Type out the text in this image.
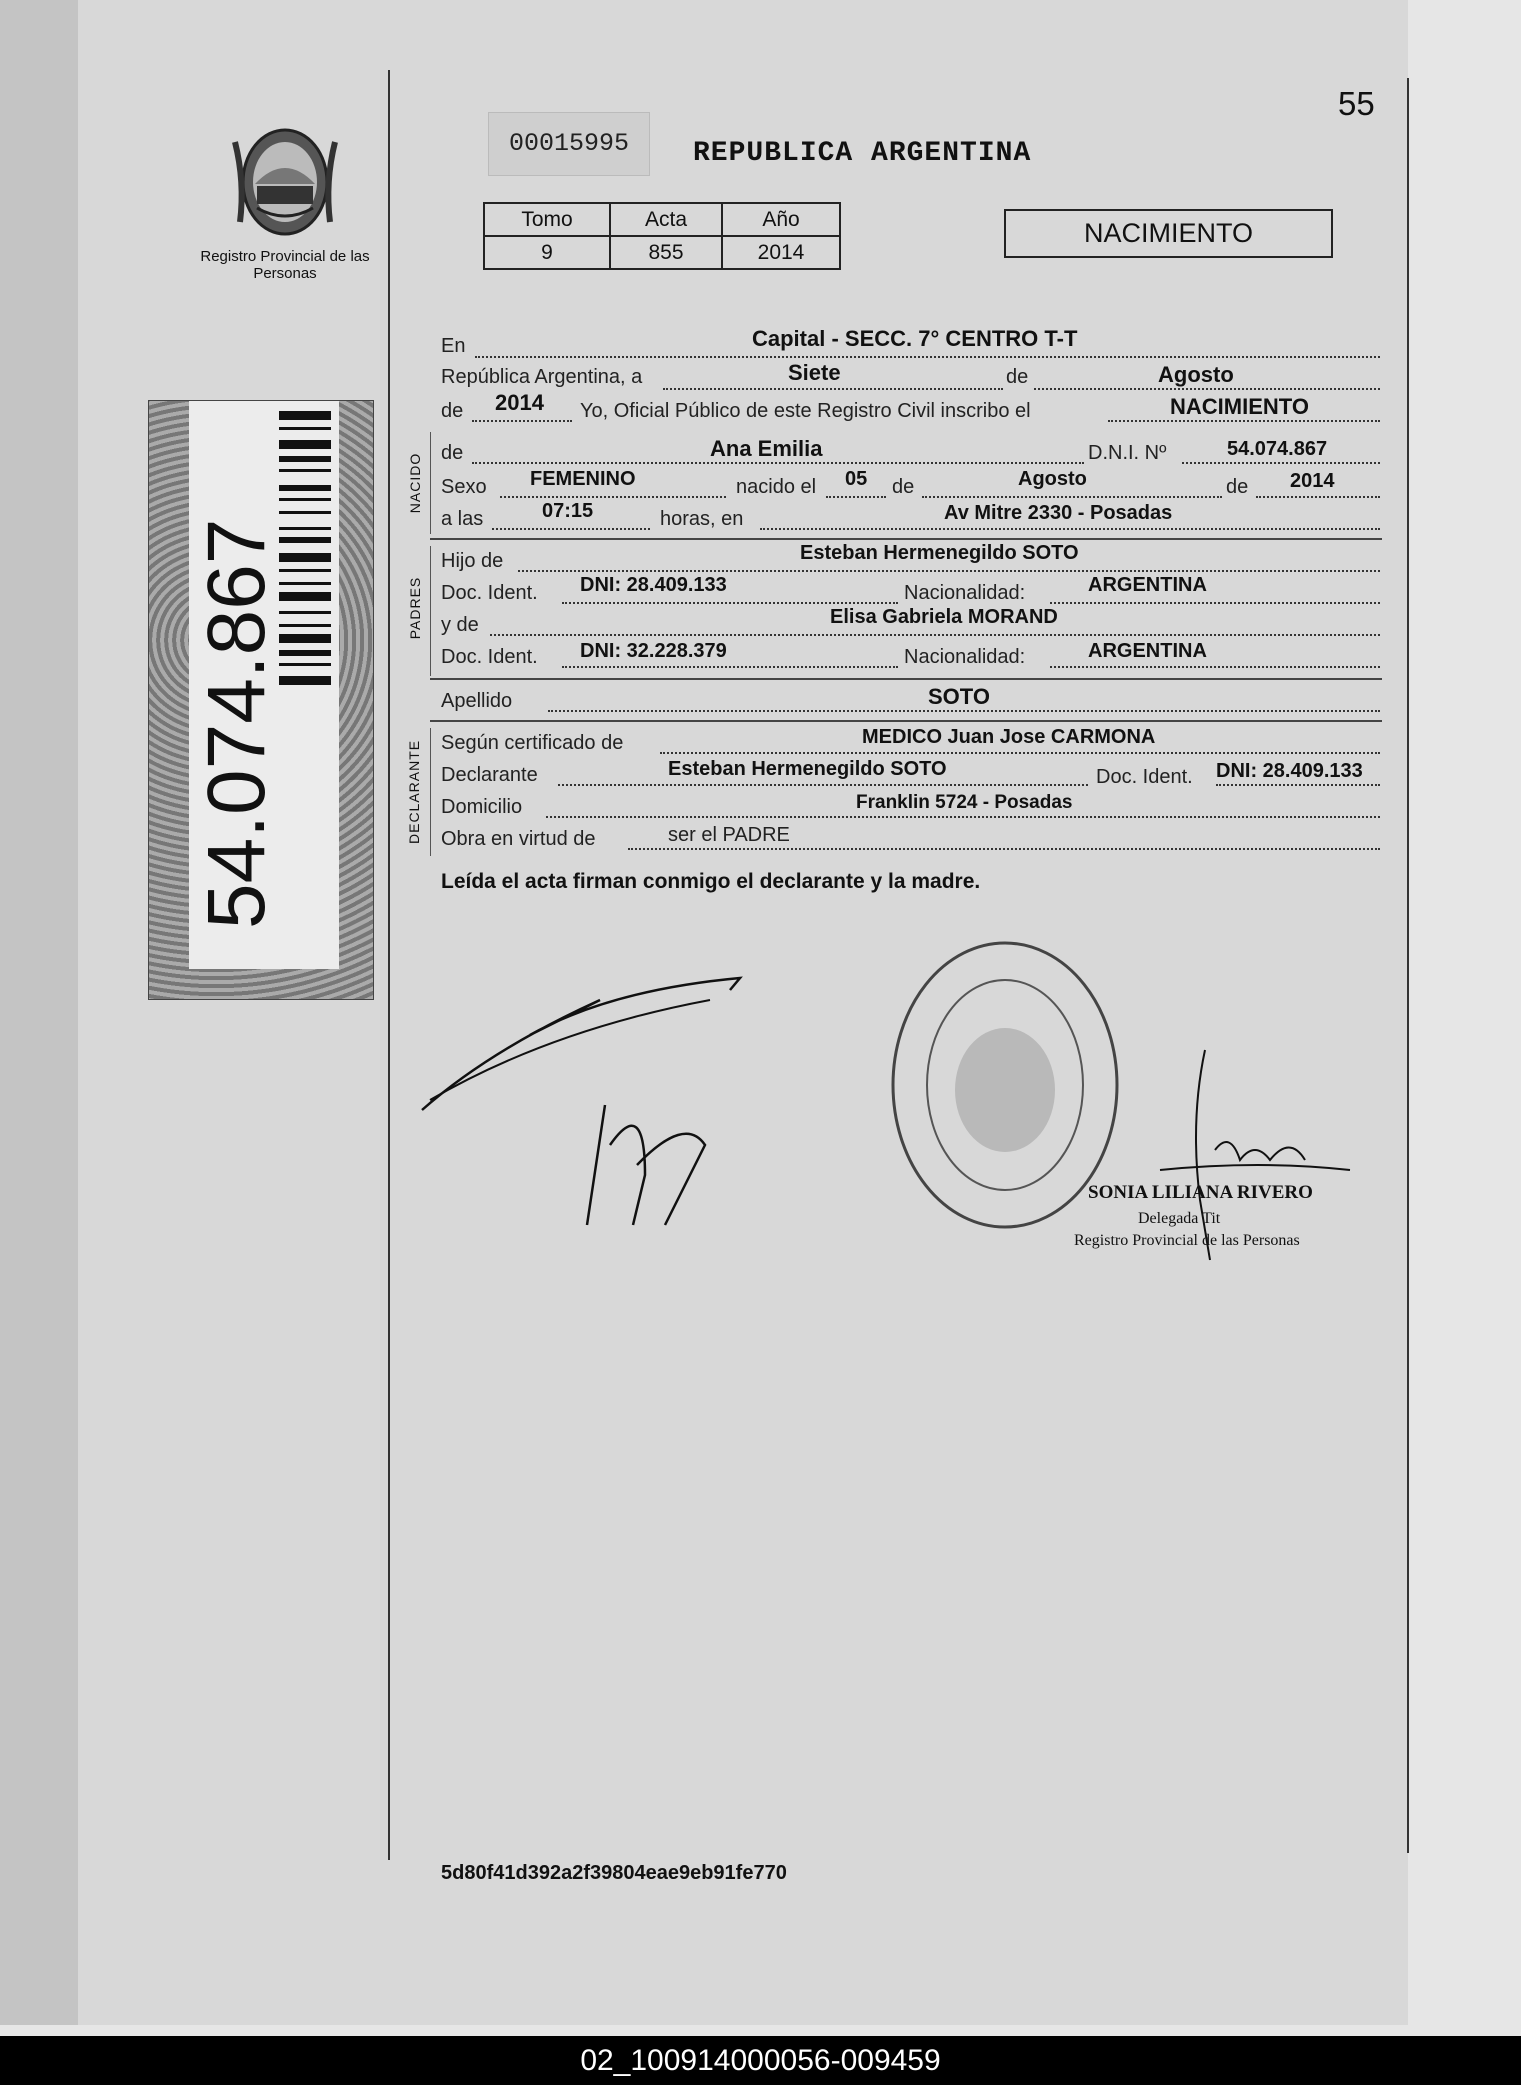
55
Registro Provincial de las Personas
54.074.867
00015995	REPUBLICA ARGENTINA
Tomo	Acta	Año
9	855	2014
NACIMIENTO
En	Capital - SECC. 7° CENTRO T-T
República Argentina, a	Siete	de	Agosto
de 2014 Yo, Oficial Público de este Registro Civil inscribo el	NACIMIENTO
NACIDO de	Ana Emilia	D.N.I. Nº	54.074.867
Sexo FEMENINO	nacido el 05 de	Agosto	de 2014
a las	07:15	horas, en	Av Mitre 2330 - Posadas
PADRES
Hijo de	Esteban Hermenegildo SOTO
Doc. Ident. DNI: 28.409.133	Nacionalidad:	ARGENTINA
y de	Elisa Gabriela MORAND
Doc. Ident. DNI: 32.228.379	Nacionalidad:	ARGENTINA
Apellido	SOTO
DECLARANTE Según certificado de	MEDICO Juan Jose CARMONA
Declarante	Esteban Hermenegildo SOTO	Doc. Ident. DNI: 28.409.133
Domicilio	Franklin 5724 - Posadas
Obra en virtud de	ser el PADRE
Leída el acta firman conmigo el declarante y la madre.
SONIA LILIANA RIVERO
Delegada Tit
Registro Provincial de las Personas
5d80f41d392a2f39804eae9eb91fe770
02_100914000056-009459
